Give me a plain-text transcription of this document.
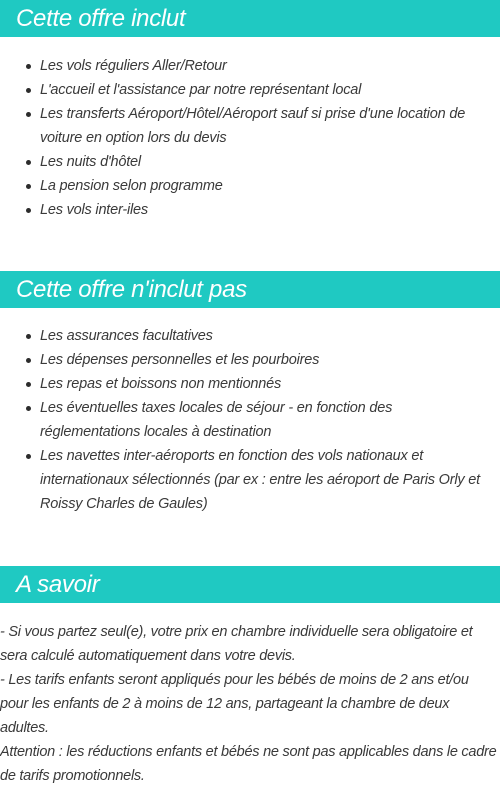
Cette offre inclut
Les vols réguliers Aller/Retour
L'accueil et l'assistance par notre représentant local
Les transferts Aéroport/Hôtel/Aéroport sauf si prise d'une location de voiture en option lors du devis
Les nuits d'hôtel
La pension selon programme
Les vols inter-iles
Cette offre n'inclut pas
Les assurances facultatives
Les dépenses personnelles et les pourboires
Les repas et boissons non mentionnés
Les éventuelles taxes locales de séjour - en fonction des réglementations locales à destination
Les navettes inter-aéroports en fonction des vols nationaux et internationaux sélectionnés (par ex : entre les aéroport de Paris Orly et Roissy Charles de Gaules)
A savoir

- Si vous partez seul(e), votre prix en chambre individuelle sera obligatoire et sera calculé automatiquement dans votre devis.

- Les tarifs enfants seront appliqués pour les bébés de moins de 2 ans et/ou pour les enfants de 2 à moins de 12 ans, partageant la chambre de deux adultes.

Attention : les réductions enfants et bébés ne sont pas applicables dans le cadre de tarifs promotionnels.
